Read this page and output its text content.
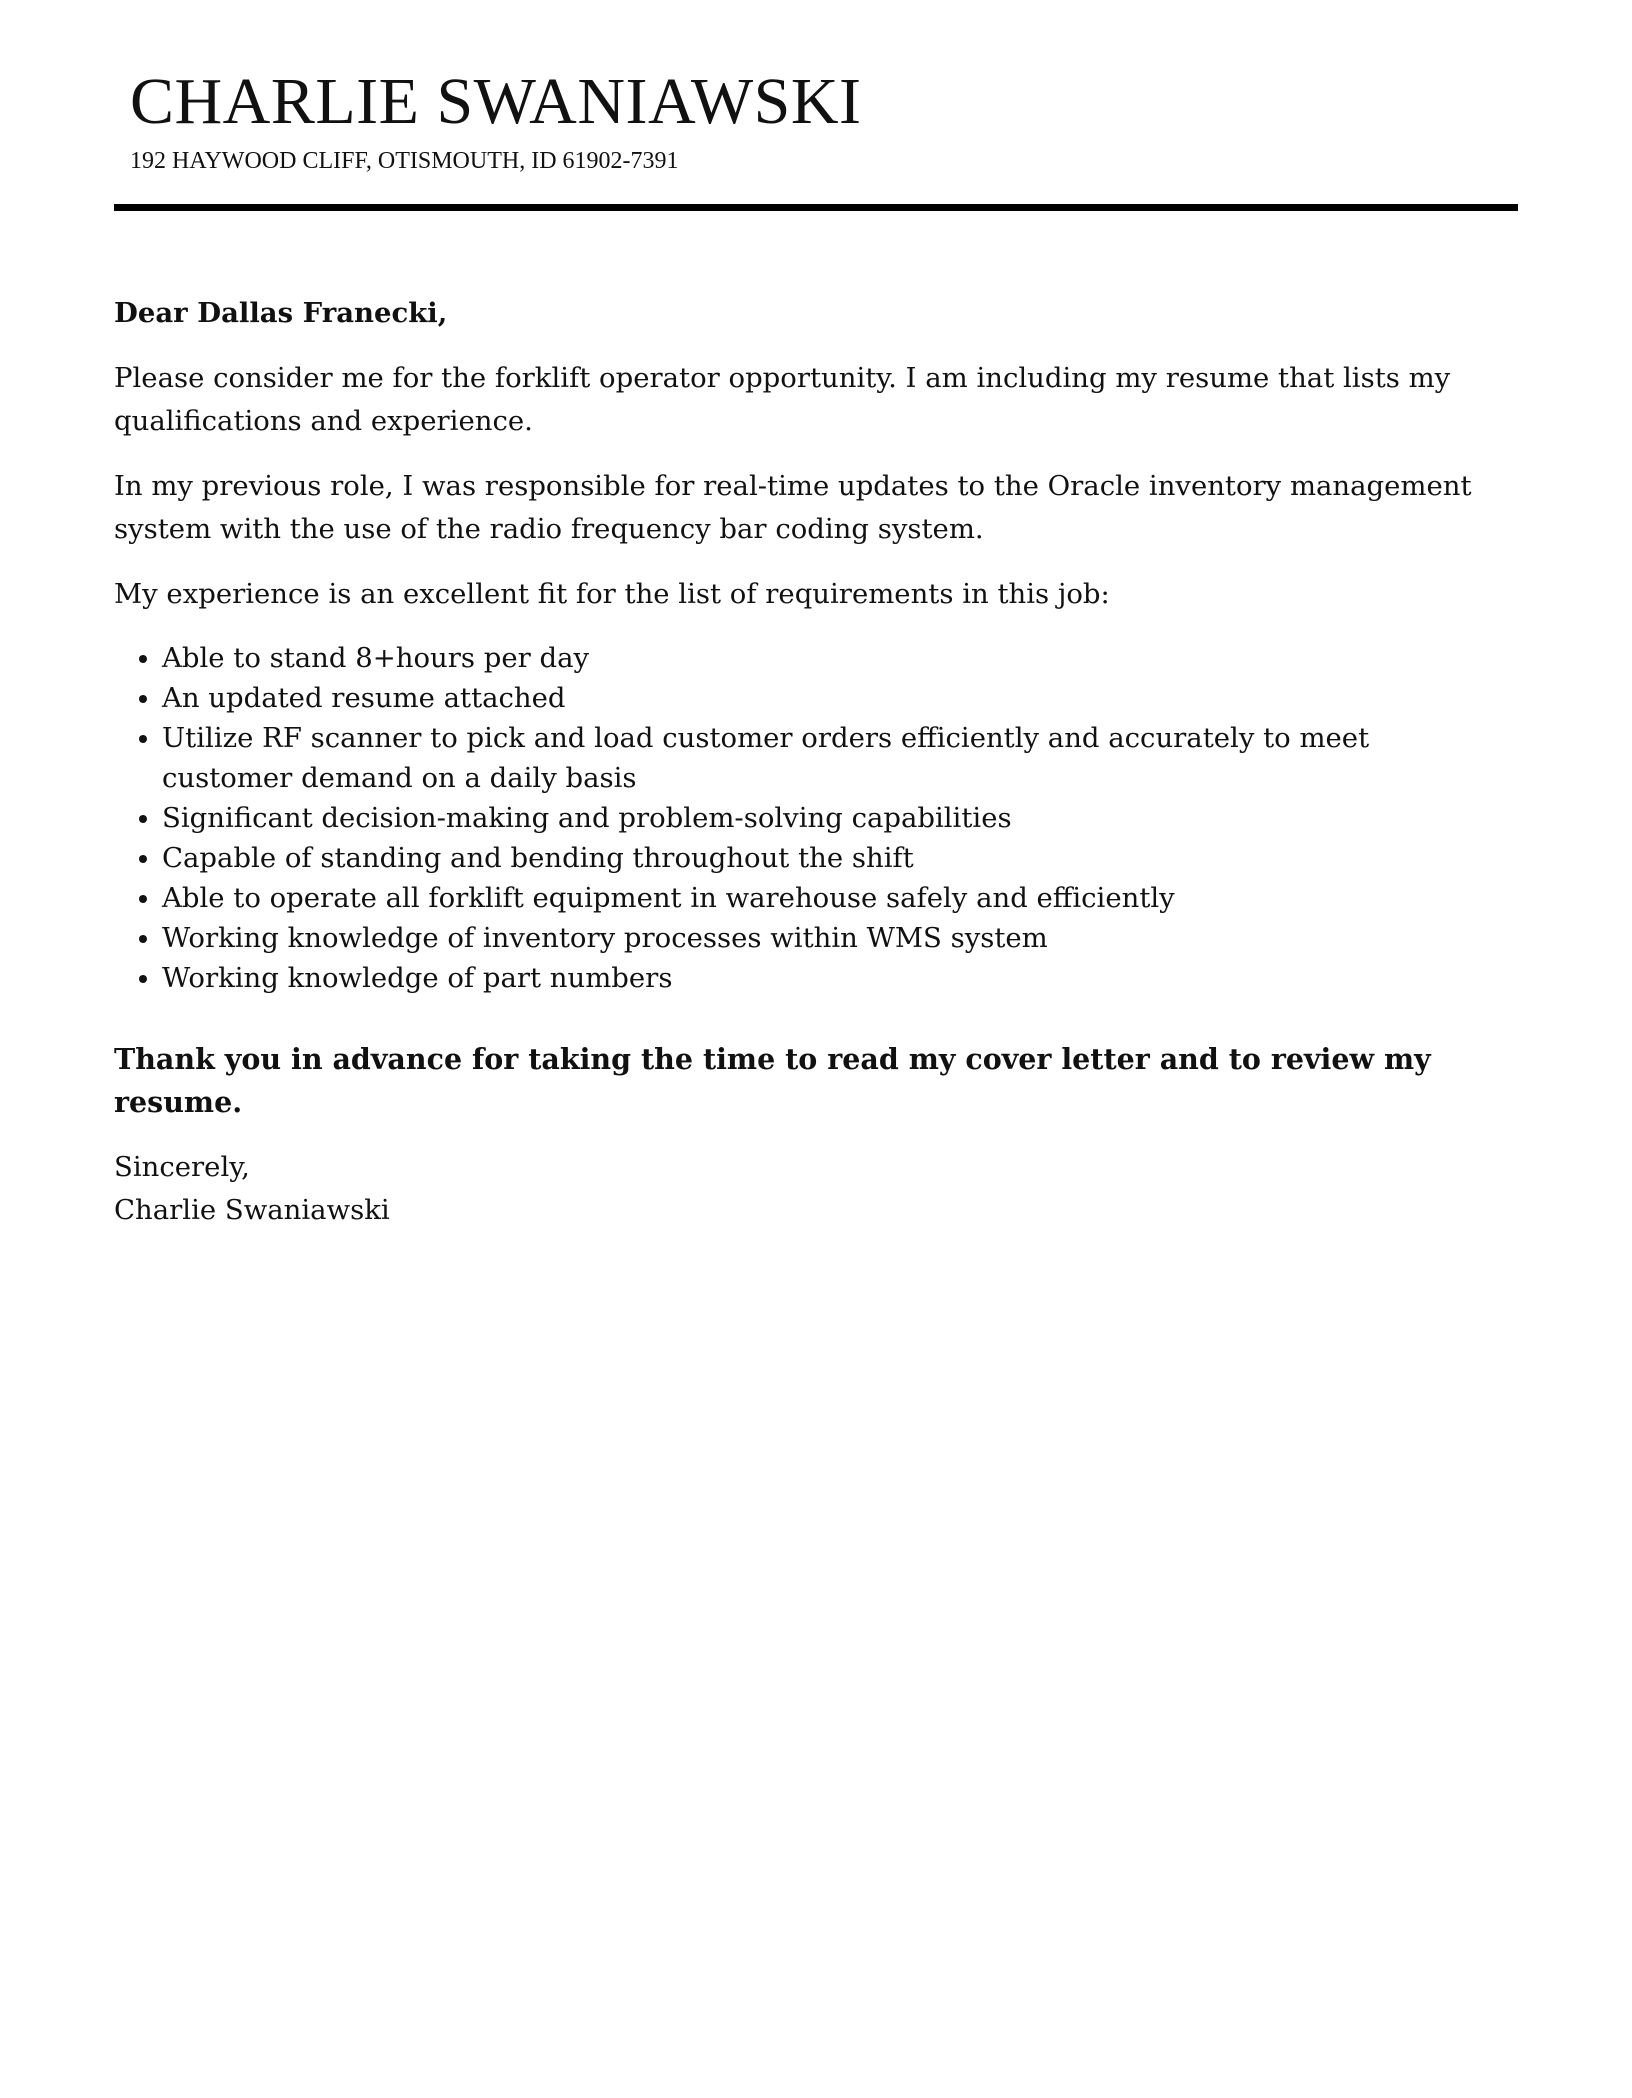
CHARLIE SWANIAWSKI
192 HAYWOOD CLIFF, OTISMOUTH, ID 61902-7391

Dear Dallas Franecki,

Please consider me for the forklift operator opportunity. I am including my resume that lists my qualifications and experience.

In my previous role, I was responsible for real-time updates to the Oracle inventory management system with the use of the radio frequency bar coding system.

My experience is an excellent fit for the list of requirements in this job:

• Able to stand 8+hours per day
• An updated resume attached
• Utilize RF scanner to pick and load customer orders efficiently and accurately to meet customer demand on a daily basis
• Significant decision-making and problem-solving capabilities
• Capable of standing and bending throughout the shift
• Able to operate all forklift equipment in warehouse safely and efficiently
• Working knowledge of inventory processes within WMS system
• Working knowledge of part numbers

Thank you in advance for taking the time to read my cover letter and to review my resume.

Sincerely,
Charlie Swaniawski
